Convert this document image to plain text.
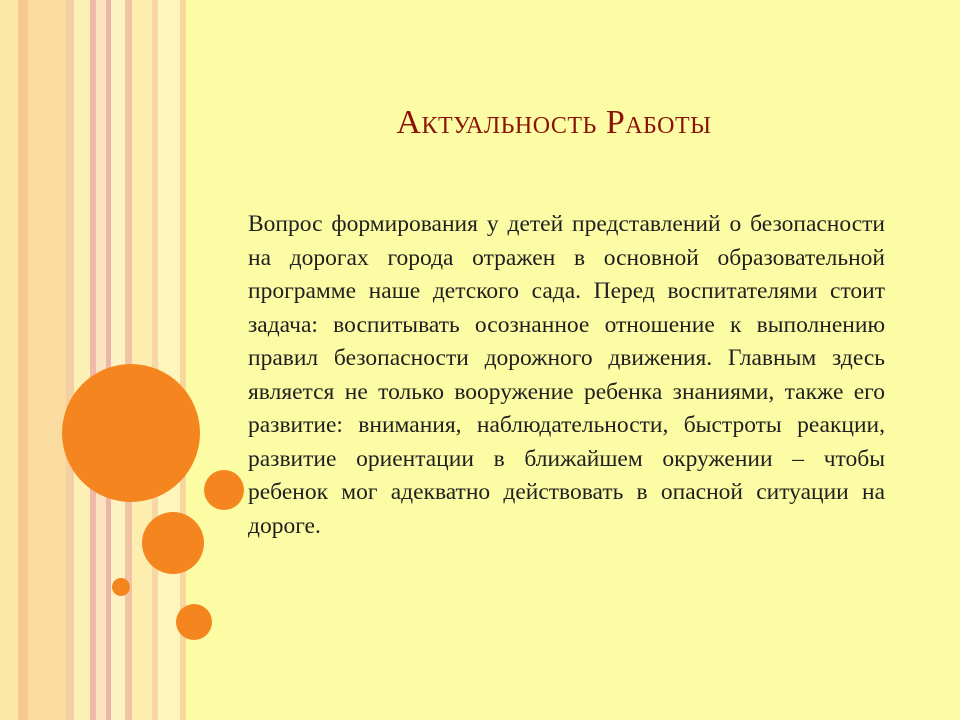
Актуальность Работы

Вопрос формирования у детей представлений о безопасности на дорогах города отражен в основной образовательной программе наше детского сада. Перед воспитателями стоит задача: воспитывать осознанное отношение к выполнению правил безопасности дорожного движения. Главным здесь является не только вооружение ребенка знаниями, также его развитие: внимания, наблюдательности, быстроты реакции, развитие ориентации в ближайшем окружении – чтобы ребенок мог адекватно действовать в опасной ситуации на дороге.
